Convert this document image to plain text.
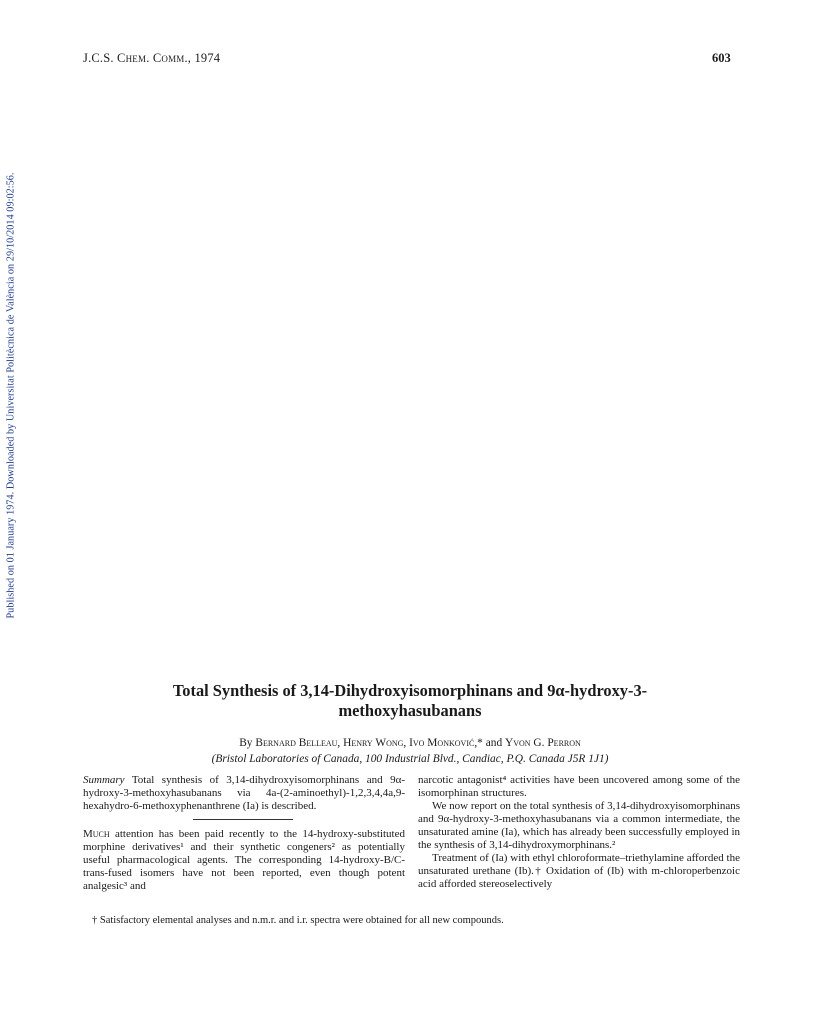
J.C.S. Chem. Comm., 1974	603
Published on 01 January 1974. Downloaded by Universitat Politècnica de València on 29/10/2014 09:02:56.
Total Synthesis of 3,14-Dihydroxyisomorphinans and 9α-hydroxy-3-methoxyhasubanans
By Bernard Belleau, Henry Wong, Ivo Monković,* and Yvon G. Perron
(Bristol Laboratories of Canada, 100 Industrial Blvd., Candiac, P.Q. Canada J5R 1J1)

Summary Total synthesis of 3,14-dihydroxyisomorphinans and 9α-hydroxy-3-methoxyhasubanans via 4a-(2-aminoethyl)-1,2,3,4,4a,9-hexahydro-6-methoxyphenanthrene (Ia) is described.

Much attention has been paid recently to the 14-hydroxy-substituted morphine derivatives¹ and their synthetic congeners² as potentially useful pharmacological agents. The corresponding 14-hydroxy-B/C-trans-fused isomers have not been reported, even though potent analgesic³ and

narcotic antagonist⁴ activities have been uncovered among some of the isomorphinan structures.

We now report on the total synthesis of 3,14-dihydroxyisomorphinans and 9α-hydroxy-3-methoxyhasubanans via a common intermediate, the unsaturated amine (Ia), which has already been successfully employed in the synthesis of 3,14-dihydroxymorphinans.²

Treatment of (Ia) with ethyl chloroformate–triethylamine afforded the unsaturated urethane (Ib).† Oxidation of (Ib) with m-chloroperbenzoic acid afforded stereoselectively

† Satisfactory elemental analyses and n.m.r. and i.r. spectra were obtained for all new compounds.
